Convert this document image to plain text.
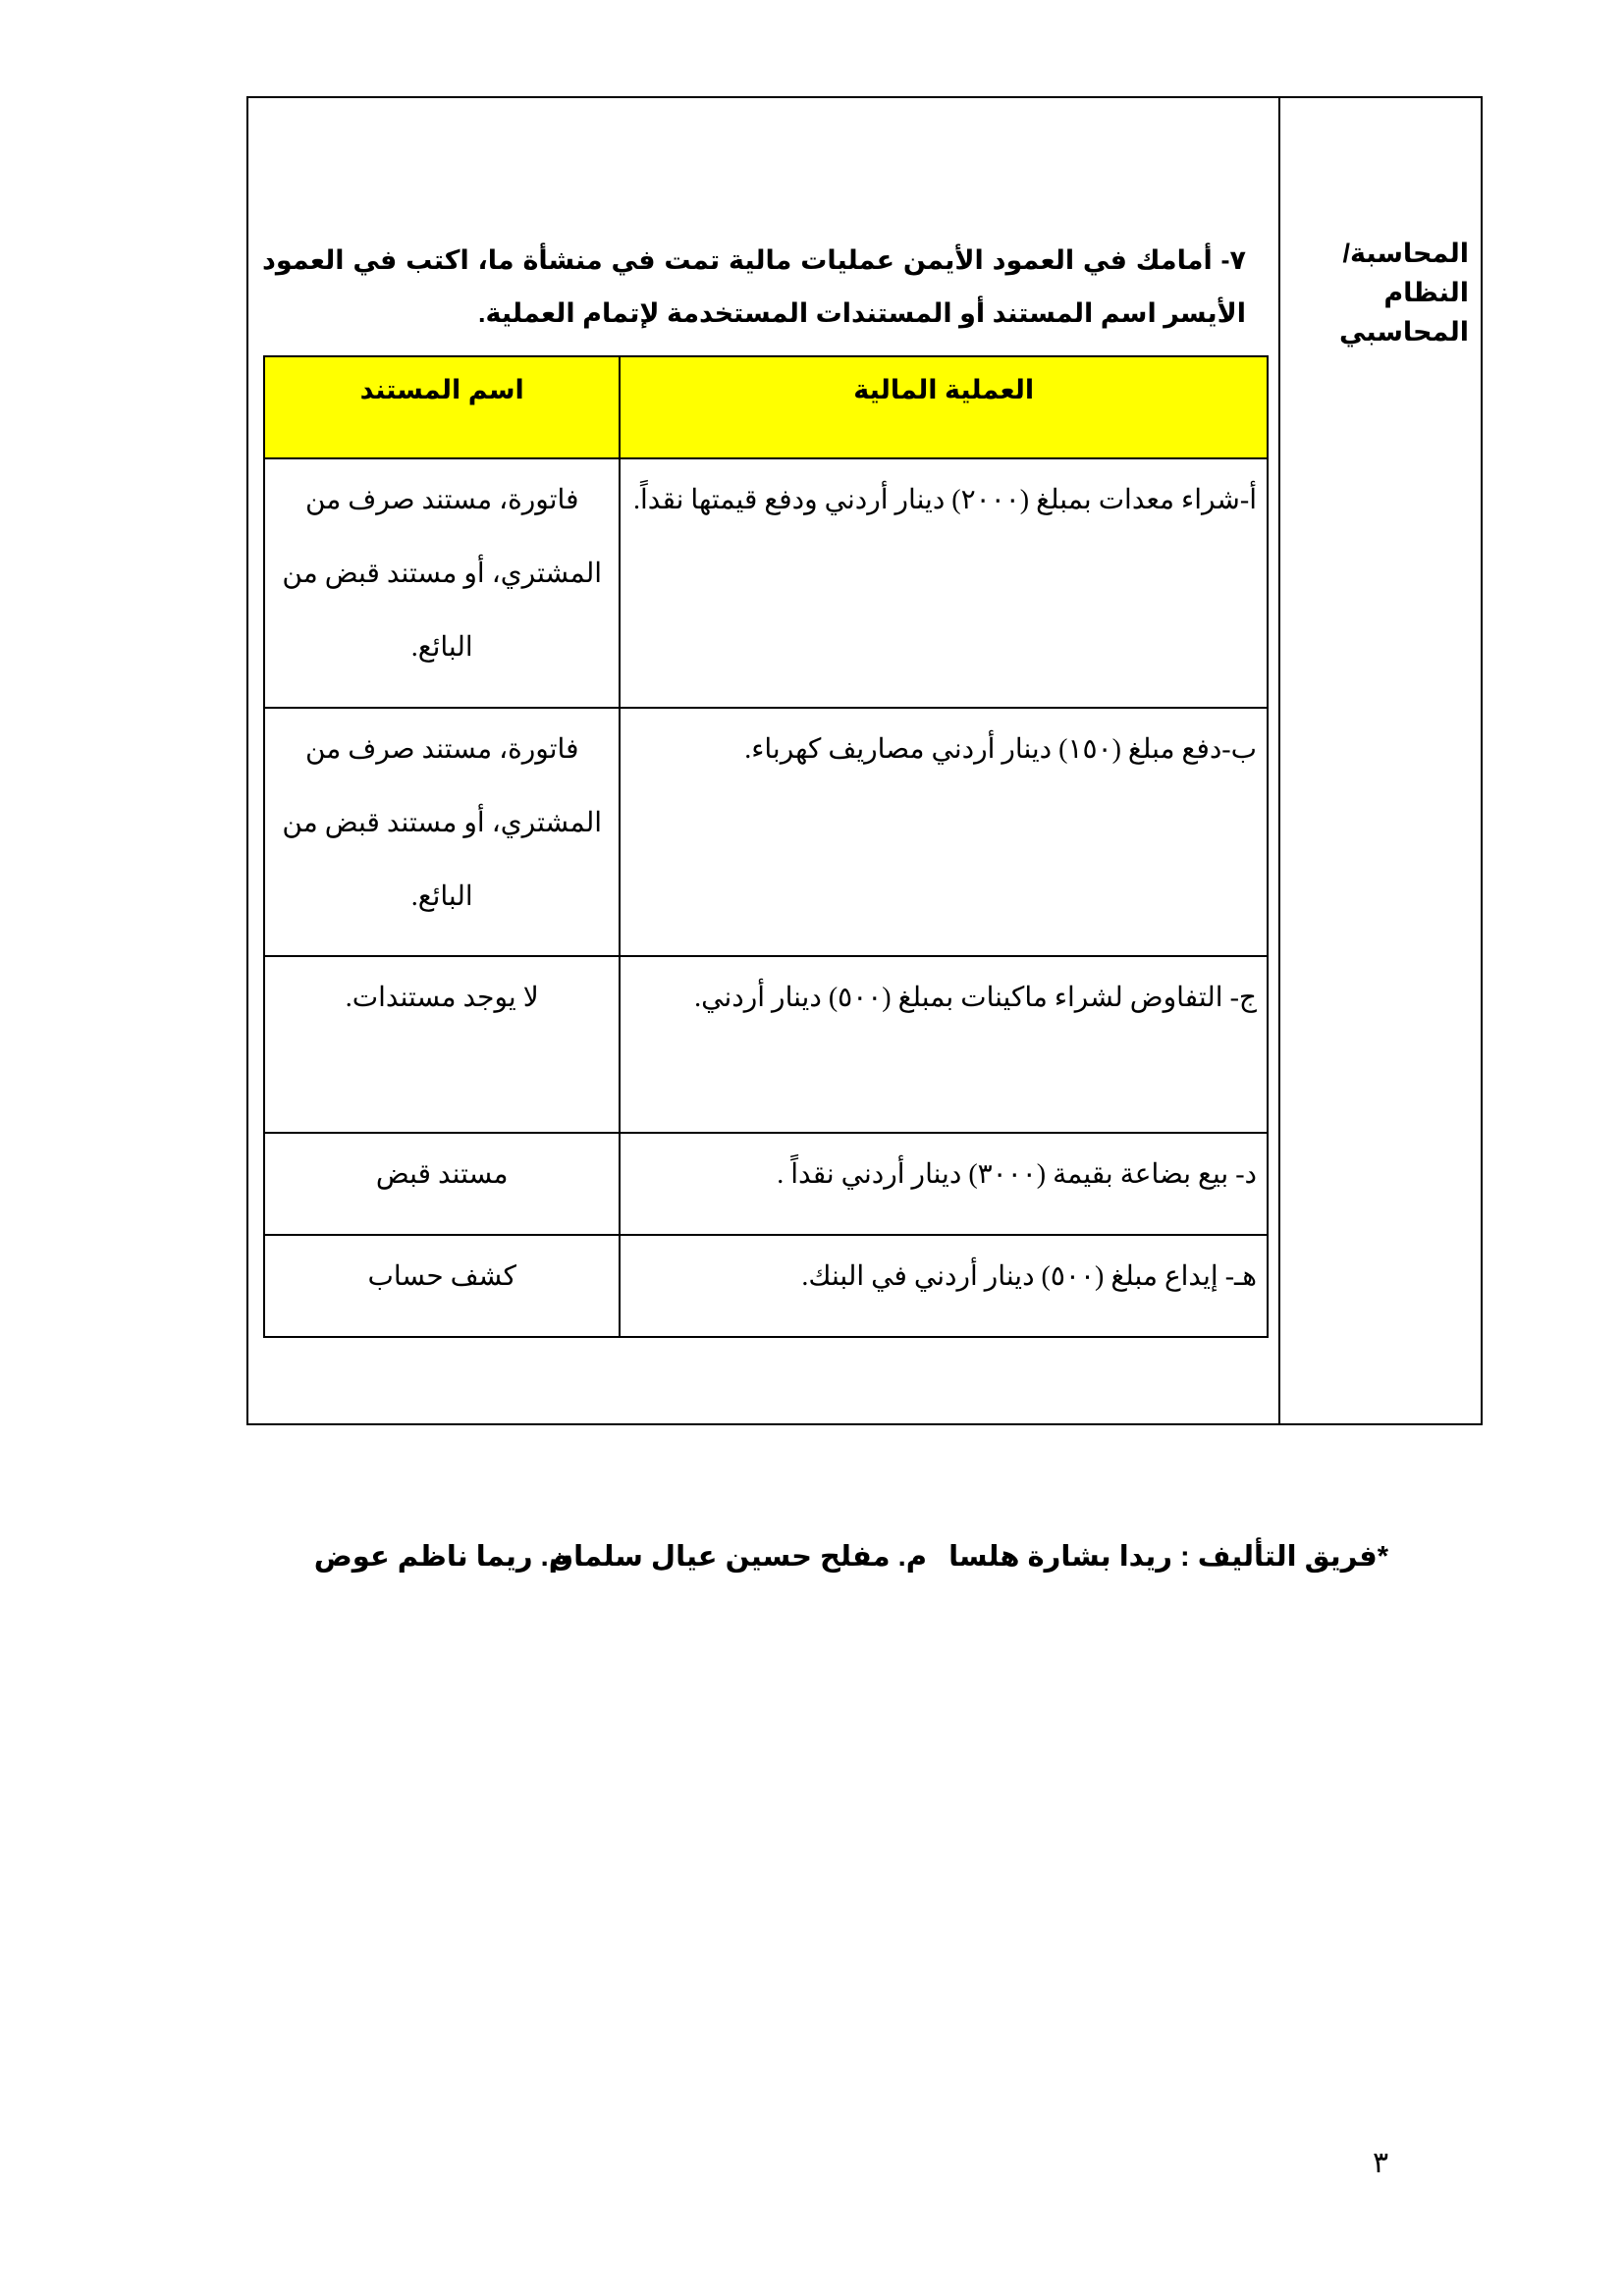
المحاسبة/
النظام
المحاسبي
٧- أمامك في العمود الأيمن عمليات مالية تمت في منشأة ما، اكتب في العمود الأيسر اسم المستند أو المستندات المستخدمة لإتمام العملية.
العملية المالية	اسم المستند

أ-شراء معدات بمبلغ (٢٠٠٠) دينار أردني ودفع قيمتها نقداً.	فاتورة، مستند صرف من المشتري، أو مستند قبض من البائع.

ب-دفع مبلغ (١٥٠) دينار أردني مصاريف كهرباء.	فاتورة، مستند صرف من المشتري، أو مستند قبض من البائع.

ج- التفاوض لشراء ماكينات بمبلغ (٥٠٠) دينار أردني.	لا يوجد مستندات.

د- بيع بضاعة بقيمة (٣٠٠٠) دينار أردني نقداً .	مستند قبض

هـ- إيداع مبلغ (٥٠٠) دينار أردني في البنك.	كشف حساب
*فريق التأليف : ريدا بشارة هلسا
م. مفلح حسين عيال سلمان
م. ريما ناظم عوض
٣
